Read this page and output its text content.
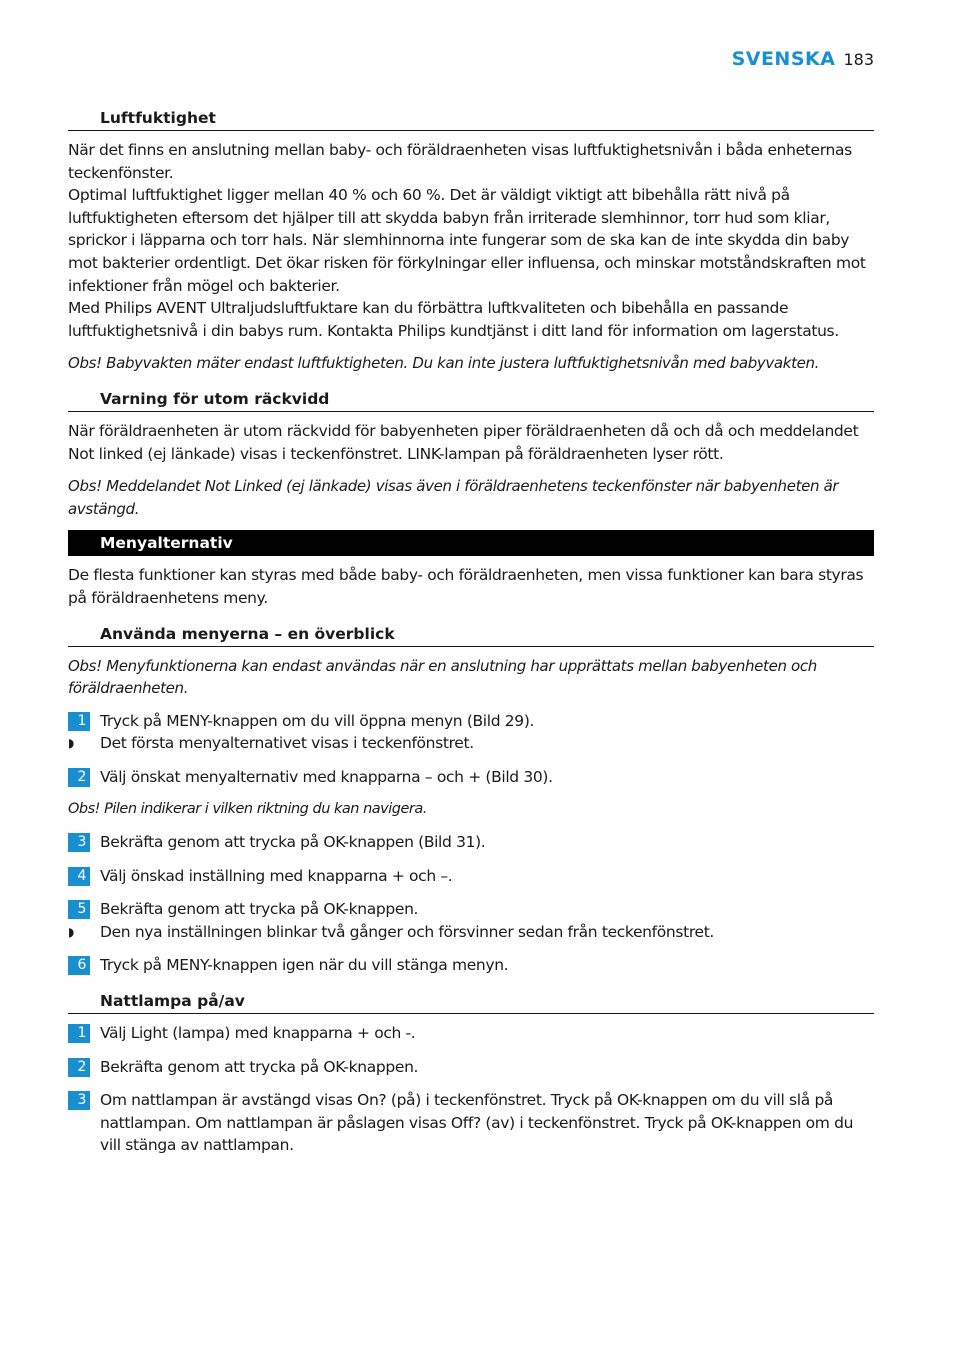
SVENSKA 183
Luftfuktighet

När det finns en anslutning mellan baby- och föräldraenheten visas luftfuktighetsnivån i båda enheternas teckenfönster.

Optimal luftfuktighet ligger mellan 40 % och 60 %. Det är väldigt viktigt att bibehålla rätt nivå på luftfuktigheten eftersom det hjälper till att skydda babyn från irriterade slemhinnor, torr hud som kliar, sprickor i läpparna och torr hals. När slemhinnorna inte fungerar som de ska kan de inte skydda din baby mot bakterier ordentligt. Det ökar risken för förkylningar eller influensa, och minskar motståndskraften mot infektioner från mögel och bakterier.

Med Philips AVENT Ultraljudsluftfuktare kan du förbättra luftkvaliteten och bibehålla en passande luftfuktighetsnivå i din babys rum. Kontakta Philips kundtjänst i ditt land för information om lagerstatus.

Obs! Babyvakten mäter endast luftfuktigheten. Du kan inte justera luftfuktighetsnivån med babyvakten.

Varning för utom räckvidd

När föräldraenheten är utom räckvidd för babyenheten piper föräldraenheten då och då och meddelandet Not linked (ej länkade) visas i teckenfönstret. LINK-lampan på föräldraenheten lyser rött.

Obs! Meddelandet Not Linked (ej länkade) visas även i föräldraenhetens teckenfönster när babyenheten är avstängd.

Menyalternativ

De flesta funktioner kan styras med både baby- och föräldraenheten, men vissa funktioner kan bara styras på föräldraenhetens meny.

Använda menyerna – en överblick

Obs! Menyfunktionerna kan endast användas när en anslutning har upprättats mellan babyenheten och föräldraenheten.

1 Tryck på MENY-knappen om du vill öppna menyn (Bild 29).
◗	Det första menyalternativet visas i teckenfönstret.
2 Välj önskat menyalternativ med knapparna – och + (Bild 30).

Obs! Pilen indikerar i vilken riktning du kan navigera.

3 Bekräfta genom att trycka på OK-knappen (Bild 31).
4 Välj önskad inställning med knapparna + och –.
5 Bekräfta genom att trycka på OK-knappen.
◗	Den nya inställningen blinkar två gånger och försvinner sedan från teckenfönstret.
6 Tryck på MENY-knappen igen när du vill stänga menyn.
Nattlampa på/av
1 Välj Light (lampa) med knapparna + och -.
2 Bekräfta genom att trycka på OK-knappen.
3 Om nattlampan är avstängd visas On? (på) i teckenfönstret. Tryck på OK-knappen om du vill slå på nattlampan. Om nattlampan är påslagen visas Off? (av) i teckenfönstret. Tryck på OK-knappen om du vill stänga av nattlampan.
